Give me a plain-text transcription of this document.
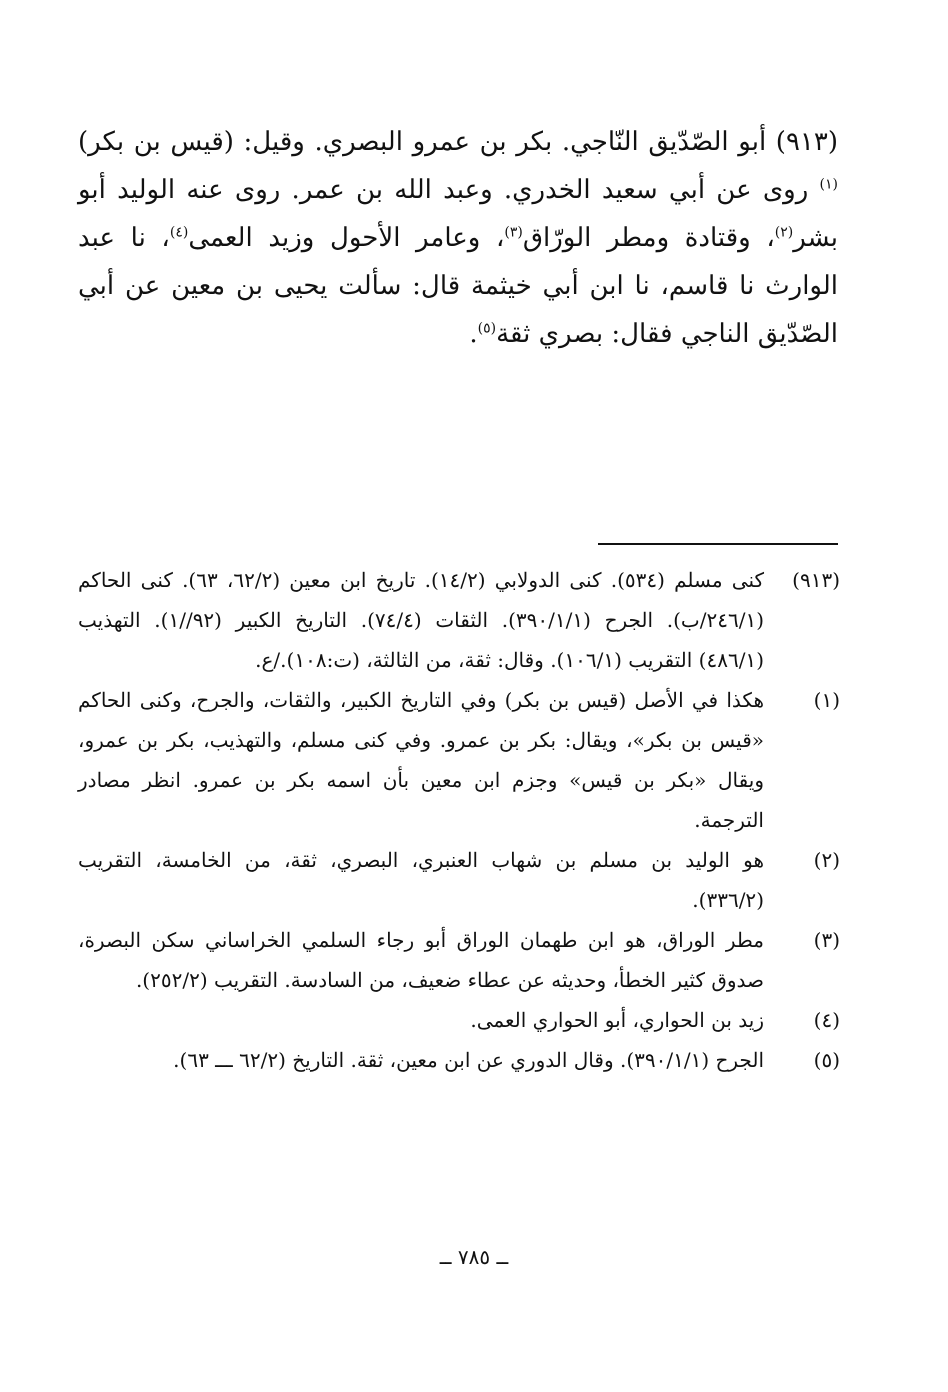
(٩١٣) أبو الصّدّيق النّاجي. بكر بن عمرو البصري. وقيل: (قيس بن بكر)$^{(١)}$ روى عن أبي سعيد الخدري. وعبد الله بن عمر. روى عنه الوليد أبو بشر$^{(٢)}$، وقتادة ومطر الورّاق$^{(٣)}$، وعامر الأحول وزيد العمى$^{(٤)}$، نا عبد الوارث نا قاسم، نا ابن أبي خيثمة قال: سألت يحيى بن معين عن أبي الصّدّيق الناجي فقال: بصري ثقة$^{(٥)}$.

(٩١٣)
كنى مسلم (٥٣٤). كنى الدولابي (١٤/٢). تاريخ ابن معين (٦٢/٢، ٦٣). كنى الحاكم (٢٤٦/١/ب). الجرح (٣٩٠/١/١). الثقات (٧٤/٤). التاريخ الكبير (٩٢//١). التهذيب (٤٨٦/١) التقريب (١٠٦/١). وقال: ثقة، من الثالثة، (ت:١٠٨)./ع.
(١)
هكذا في الأصل (قيس بن بكر) وفي التاريخ الكبير، والثقات، والجرح، وكنى الحاكم «قيس بن بكر»، ويقال: بكر بن عمرو. وفي كنى مسلم، والتهذيب، بكر بن عمرو، ويقال «بكر بن قيس» وجزم ابن معين بأن اسمه بكر بن عمرو. انظر مصادر الترجمة.
(٢)
هو الوليد بن مسلم بن شهاب العنبري، البصري، ثقة، من الخامسة، التقريب (٣٣٦/٢).
(٣)
مطر الوراق، هو ابن طهمان الوراق أبو رجاء السلمي الخراساني سكن البصرة، صدوق كثير الخطأ، وحديثه عن عطاء ضعيف، من السادسة. التقريب (٢٥٢/٢).
(٤)
زيد بن الحواري، أبو الحواري العمى.
(٥)
الجرح (٣٩٠/١/١). وقال الدوري عن ابن معين، ثقة. التاريخ (٦٢/٢ ـــ ٦٣).
ــ ٧٨٥ ــ
